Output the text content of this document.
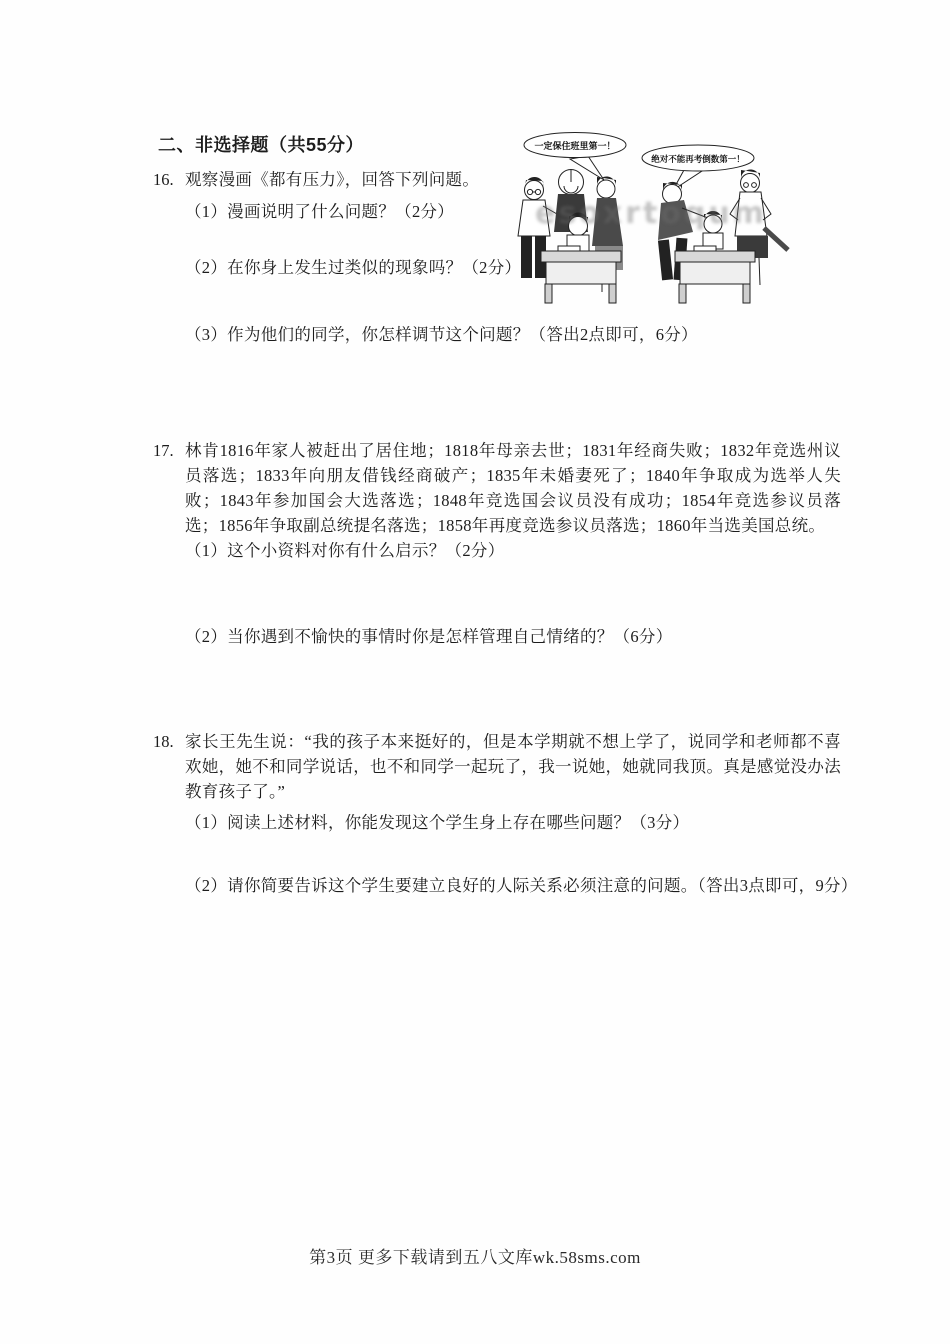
二、非选择题（共55分）
16. 观察漫画《都有压力》，回答下列问题。
（1）漫画说明了什么问题？（2分）
（2）在你身上发生过类似的现象吗？（2分）
（3）作为他们的同学，你怎样调节这个问题？（答出2点即可，6分）
一定保住班里第一！
绝对不能再考倒数第一！
esoxrtoqum
17. 林肯1816年家人被赶出了居住地；1818年母亲去世；1831年经商失败；1832年竞选州议员落选；1833年向朋友借钱经商破产；1835年未婚妻死了；1840年争取成为选举人失败；1843年参加国会大选落选；1848年竞选国会议员没有成功；1854年竞选参议员落选；1856年争取副总统提名落选；1858年再度竞选参议员落选；1860年当选美国总统。
（1）这个小资料对你有什么启示？（2分）
（2）当你遇到不愉快的事情时你是怎样管理自己情绪的？（6分）
18. 家长王先生说：“我的孩子本来挺好的，但是本学期就不想上学了，说同学和老师都不喜欢她，她不和同学说话，也不和同学一起玩了，我一说她，她就同我顶。真是感觉没办法教育孩子了。”
（1）阅读上述材料，你能发现这个学生身上存在哪些问题？（3分）
（2）请你简要告诉这个学生要建立良好的人际关系必须注意的问题。（答出3点即可，9分）
第3页 更多下载请到五八文库wk.58sms.com
